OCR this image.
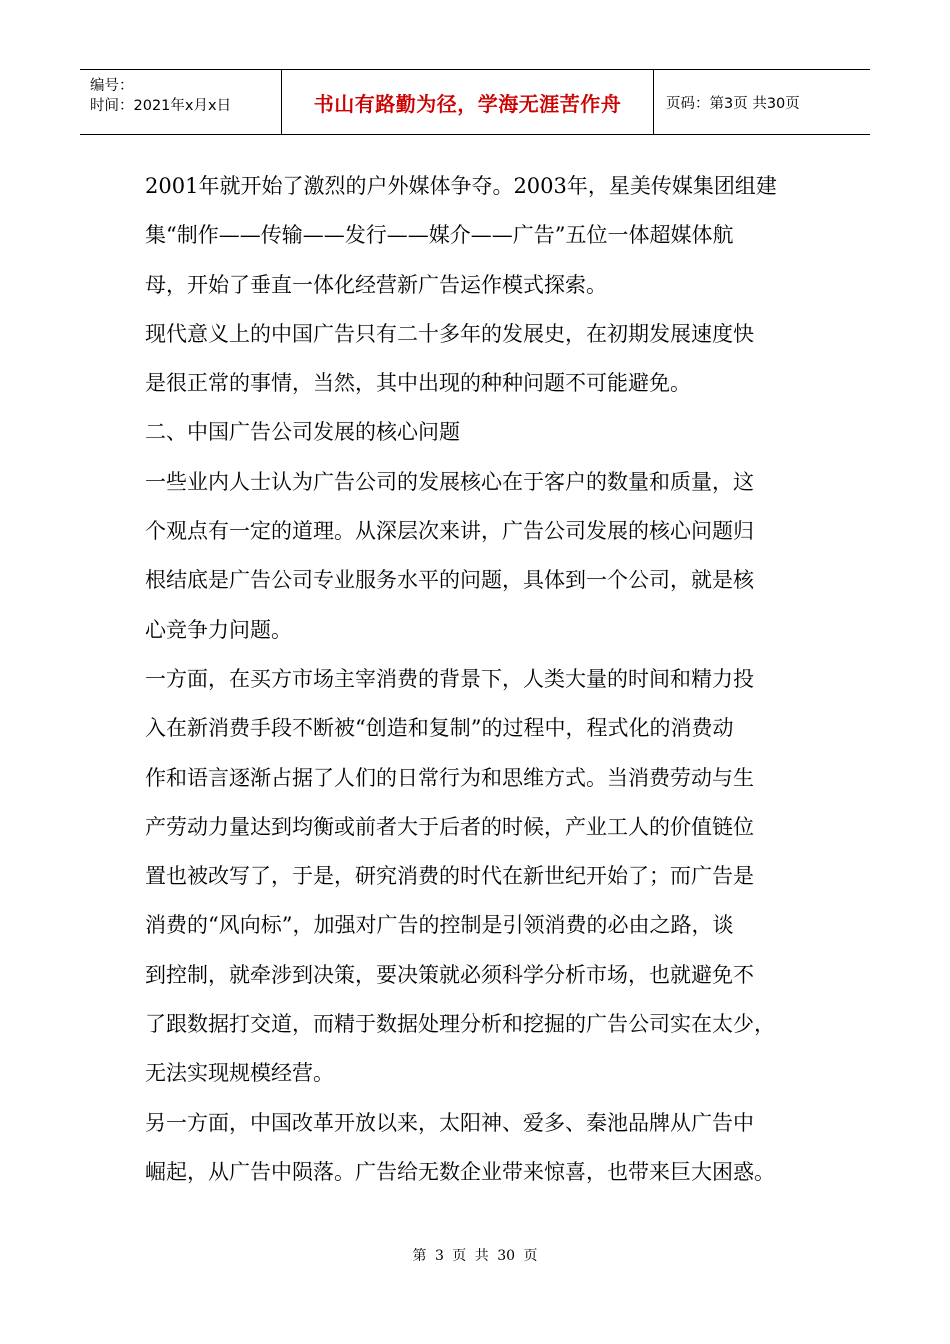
编号：
时间：2021年x月x日	书山有路勤为径，学海无涯苦作舟	页码：第3页 共30页

2001年就开始了激烈的户外媒体争夺。2003年，星美传媒集团组建

集“制作——传输——发行——媒介——广告”五位一体超媒体航

母，开始了垂直一体化经营新广告运作模式探索。

现代意义上的中国广告只有二十多年的发展史，在初期发展速度快

是很正常的事情，当然，其中出现的种种问题不可能避免。

二、中国广告公司发展的核心问题

一些业内人士认为广告公司的发展核心在于客户的数量和质量，这

个观点有一定的道理。从深层次来讲，广告公司发展的核心问题归

根结底是广告公司专业服务水平的问题，具体到一个公司，就是核

心竞争力问题。

一方面，在买方市场主宰消费的背景下，人类大量的时间和精力投

入在新消费手段不断被“创造和复制”的过程中，程式化的消费动

作和语言逐渐占据了人们的日常行为和思维方式。当消费劳动与生

产劳动力量达到均衡或前者大于后者的时候，产业工人的价值链位

置也被改写了，于是，研究消费的时代在新世纪开始了；而广告是

消费的“风向标”，加强对广告的控制是引领消费的必由之路，谈

到控制，就牵涉到决策，要决策就必须科学分析市场，也就避免不

了跟数据打交道，而精于数据处理分析和挖掘的广告公司实在太少，

无法实现规模经营。

另一方面，中国改革开放以来，太阳神、爱多、秦池品牌从广告中

崛起，从广告中陨落。广告给无数企业带来惊喜，也带来巨大困惑。

第 3 页 共 30 页
